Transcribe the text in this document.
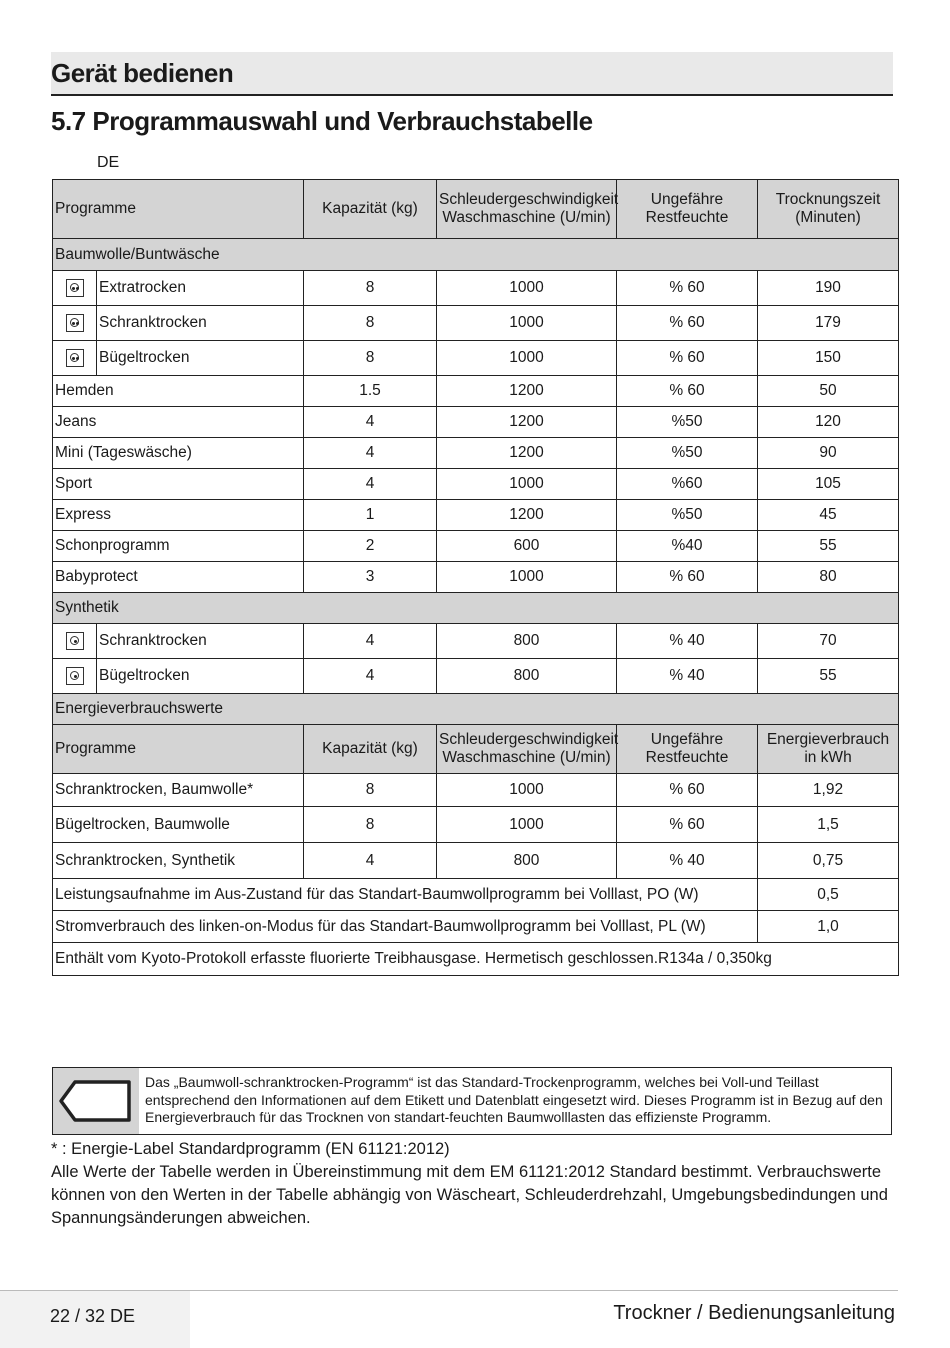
Gerät bedienen
5.7 Programmauswahl und Verbrauchstabelle
DE
Programme		Kapazität (kg)	Schleudergeschwindigkeit Waschmaschine (U/min)	Ungefähre Restfeuchte	Trocknungszeit (Minuten)
Baumwolle/Buntwäsche					

	Extratrocken	8	1000	% 60	190

	Schranktrocken	8	1000	% 60	179

	Bügeltrocken	8	1000	% 60	150
Hemden		1.5	1200	% 60	50
Jeans		4	1200	%50	120
Mini (Tageswäsche)		4	1200	%50	90
Sport		4	1000	%60	105
Express		1	1200	%50	45
Schonprogramm		2	600	%40	55
Babyprotect		3	1000	% 60	80
Synthetik					

	Schranktrocken	4	800	% 40	70

	Bügeltrocken	4	800	% 40	55
Energieverbrauchswerte					
Programme		Kapazität (kg)	Schleudergeschwindigkeit Waschmaschine (U/min)	Ungefähre Restfeuchte	Energieverbrauch in kWh
Schranktrocken, Baumwolle*		8	1000	% 60	1,92
Bügeltrocken, Baumwolle		8	1000	% 60	1,5
Schranktrocken, Synthetik		4	800	% 40	0,75
Leistungsaufnahme im Aus-Zustand für das Standart-Baumwollprogramm bei Volllast, PO (W)					0,5
Stromverbrauch des linken-on-Modus für das Standart-Baumwollprogramm bei Volllast, PL (W)					1,0
Enthält vom Kyoto-Protokoll erfasste fluorierte Treibhausgase. Hermetisch geschlossen.R134a / 0,350kg					
Das „Baumwoll-schranktrocken-Programm“ ist das Standard-Trockenprogramm, welches bei Voll-und Teillast entsprechend den Informationen auf dem Etikett und Datenblatt eingesetzt wird. Dieses Programm ist in Bezug auf den Energieverbrauch für das Trocknen von standart-feuchten Baumwolllasten das effizienste Programm.
* : Energie-Label Standardprogramm (EN 61121:2012)
Alle Werte der Tabelle werden in Übereinstimmung mit dem EM 61121:2012 Standard bestimmt. Verbrauchswerte können von den Werten in der Tabelle abhängig von Wäscheart, Schleuderdrehzahl, Umgebungsbedindungen und Spannungsänderungen abweichen.
22 / 32 DE	Trockner / Bedienungsanleitung
